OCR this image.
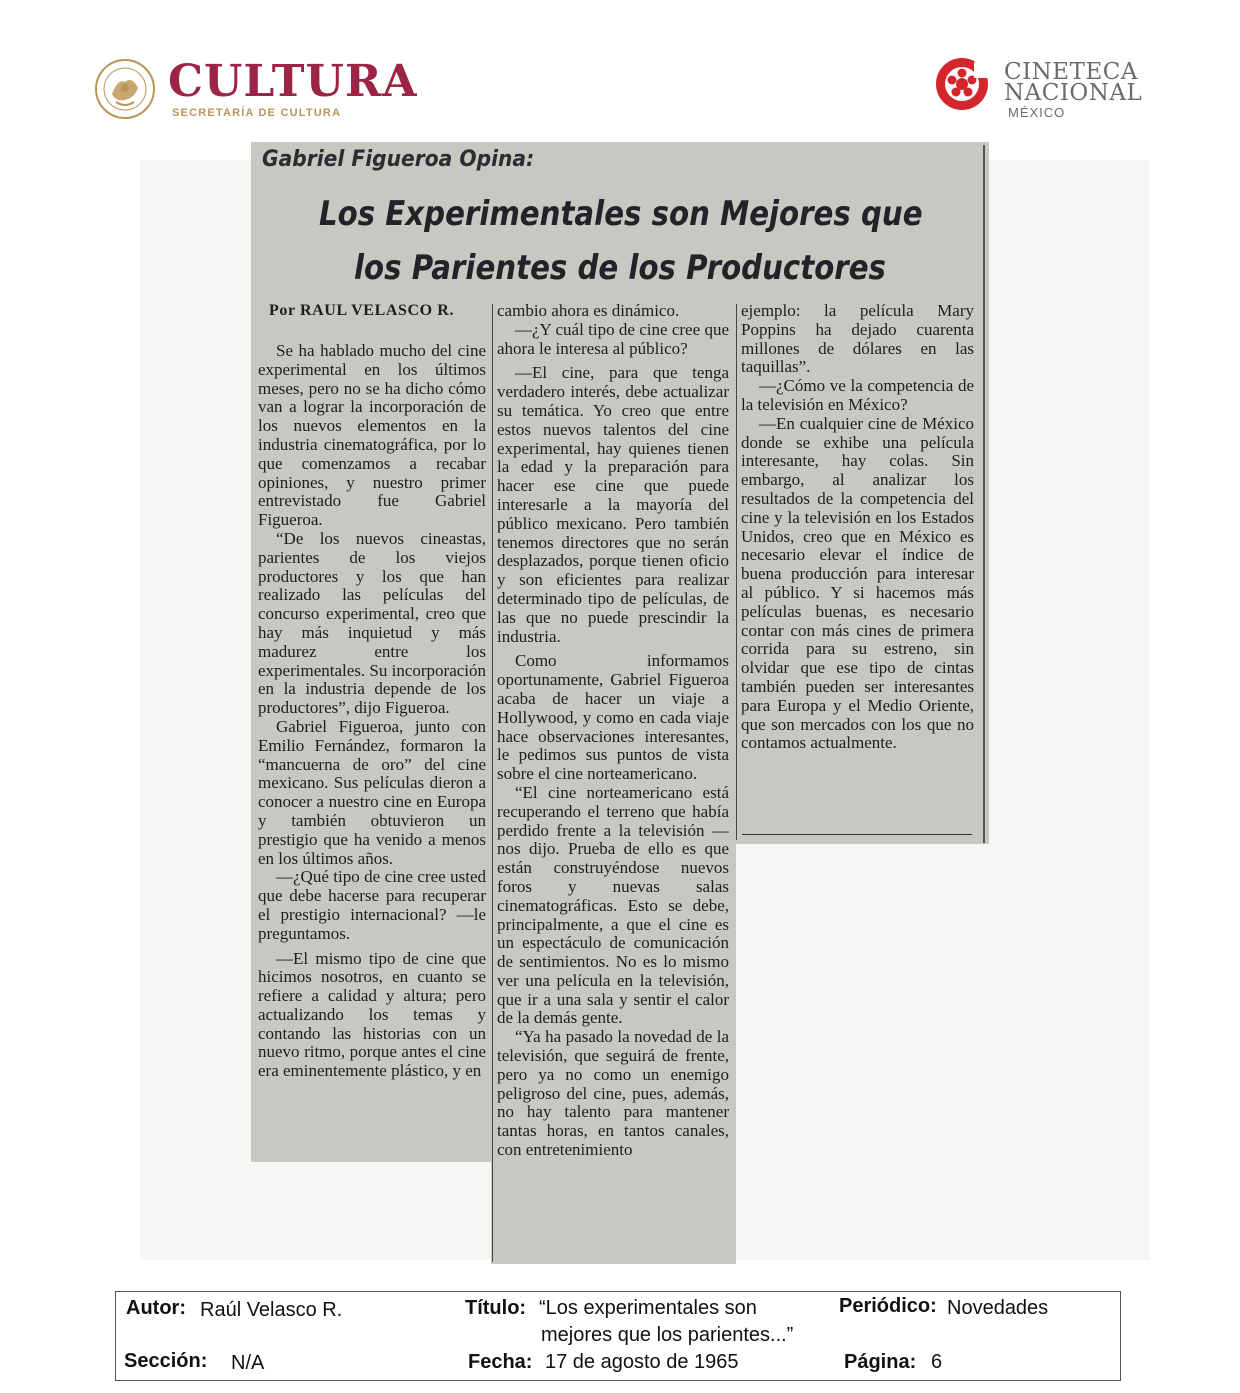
CULTURA
SECRETARÍA DE CULTURA
CINETECA
NACIONAL
MÉXICO
Gabriel Figueroa Opina:
Los Experimentales son Mejores que
los Parientes de los Productores
Por RAUL VELASCO R.

Se ha hablado mucho del cine experimental en los últimos meses, pero no se ha dicho cómo van a lograr la incorporación de los nuevos elementos en la industria cinematográfica, por lo que comenzamos a recabar opiniones, y nuestro primer entrevistado fue Gabriel Figueroa.

“De los nuevos cineastas, parientes de los viejos productores y los que han realizado las películas del concurso experimental, creo que hay más inquietud y más madurez entre los experimentales. Su incorporación en la industria depende de los productores”, dijo Figueroa.

Gabriel Figueroa, junto con Emilio Fernández, formaron la “mancuerna de oro” del cine mexicano. Sus películas dieron a conocer a nuestro cine en Europa y también obtuvieron un prestigio que ha venido a menos en los últimos años.

—¿Qué tipo de cine cree usted que debe hacerse para recuperar el prestigio internacional? —le preguntamos.

—El mismo tipo de cine que hicimos nosotros, en cuanto se refiere a calidad y altura; pero actualizando los temas y contando las historias con un nuevo ritmo, porque antes el cine era eminentemente plástico, y en

cambio ahora es dinámico.

—¿Y cuál tipo de cine cree que ahora le interesa al público?

—El cine, para que tenga verdadero interés, debe actualizar su temática. Yo creo que entre estos nuevos talentos del cine experimental, hay quienes tienen la edad y la preparación para hacer ese cine que puede interesarle a la mayoría del público mexicano. Pero también tenemos directores que no serán desplazados, porque tienen oficio y son eficientes para realizar determinado tipo de películas, de las que no puede prescindir la industria.

Como informamos oportunamente, Gabriel Figueroa acaba de hacer un viaje a Hollywood, y como en cada viaje hace observaciones interesantes, le pedimos sus puntos de vista sobre el cine norteamericano.

“El cine norteamericano está recuperando el terreno que había perdido frente a la televisión —nos dijo. Prueba de ello es que están construyéndose nuevos foros y nuevas salas cinematográficas. Esto se debe, principalmente, a que el cine es un espectáculo de comunicación de sentimientos. No es lo mismo ver una película en la televisión, que ir a una sala y sentir el calor de la demás gente.

“Ya ha pasado la novedad de la televisión, que seguirá de frente, pero ya no como un enemigo peligroso del cine, pues, además, no hay talento para mantener tantas horas, en tantos canales, con entretenimiento

ejemplo: la película Mary Poppins ha dejado cuarenta millones de dólares en las taquillas”.

—¿Cómo ve la competencia de la televisión en México?

—En cualquier cine de México donde se exhibe una película interesante, hay colas. Sin embargo, al analizar los resultados de la competencia del cine y la televisión en los Estados Unidos, creo que en México es necesario elevar el índice de buena producción para interesar al público. Y si hacemos más películas buenas, es necesario contar con más cines de primera corrida para su estreno, sin olvidar que ese tipo de cintas también pueden ser interesantes para Europa y el Medio Oriente, que son mercados con los que no contamos actualmente.

Autor: Raúl Velasco R.	Título: “Los experimentales son
mejores que los parientes...”
Periódico: Novedades
Sección: N/A	Fecha: 17 de agosto de 1965	Página: 6
